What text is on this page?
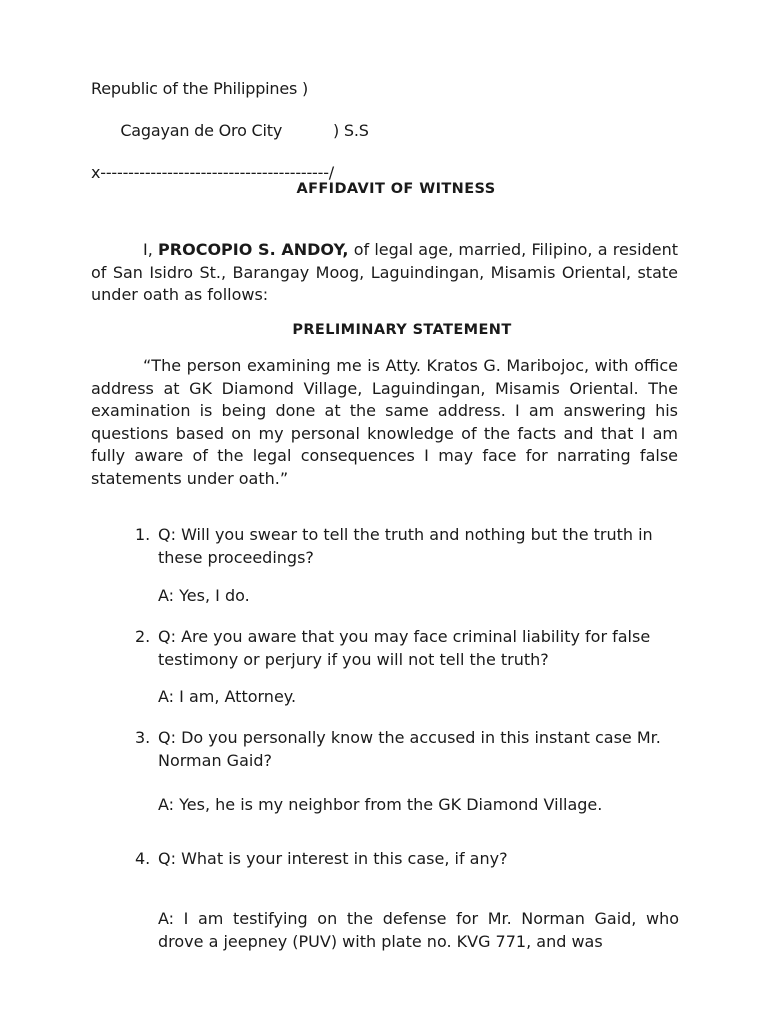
Republic of the Philippines )

Cagayan de Oro City	) S.S

x-----------------------------------------/
AFFIDAVIT OF WITNESS
I, PROCOPIO S. ANDOY, of legal age, married, Filipino, a resident of San Isidro St., Barangay Moog, Laguindingan, Misamis Oriental, state under oath as follows:
PRELIMINARY STATEMENT
“The person examining me is Atty. Kratos G. Maribojoc, with office address at GK Diamond Village, Laguindingan, Misamis Oriental. The examination is being done at the same address. I am answering his questions based on my personal knowledge of the facts and that I am fully aware of the legal consequences I may face for narrating false statements under oath.”
1. Q: Will you swear to tell the truth and nothing but the truth in these proceedings?
A: Yes, I do.
2. Q: Are you aware that you may face criminal liability for false testimony or perjury if you will not tell the truth?
A: I am, Attorney.
3. Q: Do you personally know the accused in this instant case Mr. Norman Gaid?
A: Yes, he is my neighbor from the GK Diamond Village.
4. Q: What is your interest in this case, if any?
A: I am testifying on the defense for Mr. Norman Gaid, who drove a jeepney (PUV) with plate no. KVG 771, and was
